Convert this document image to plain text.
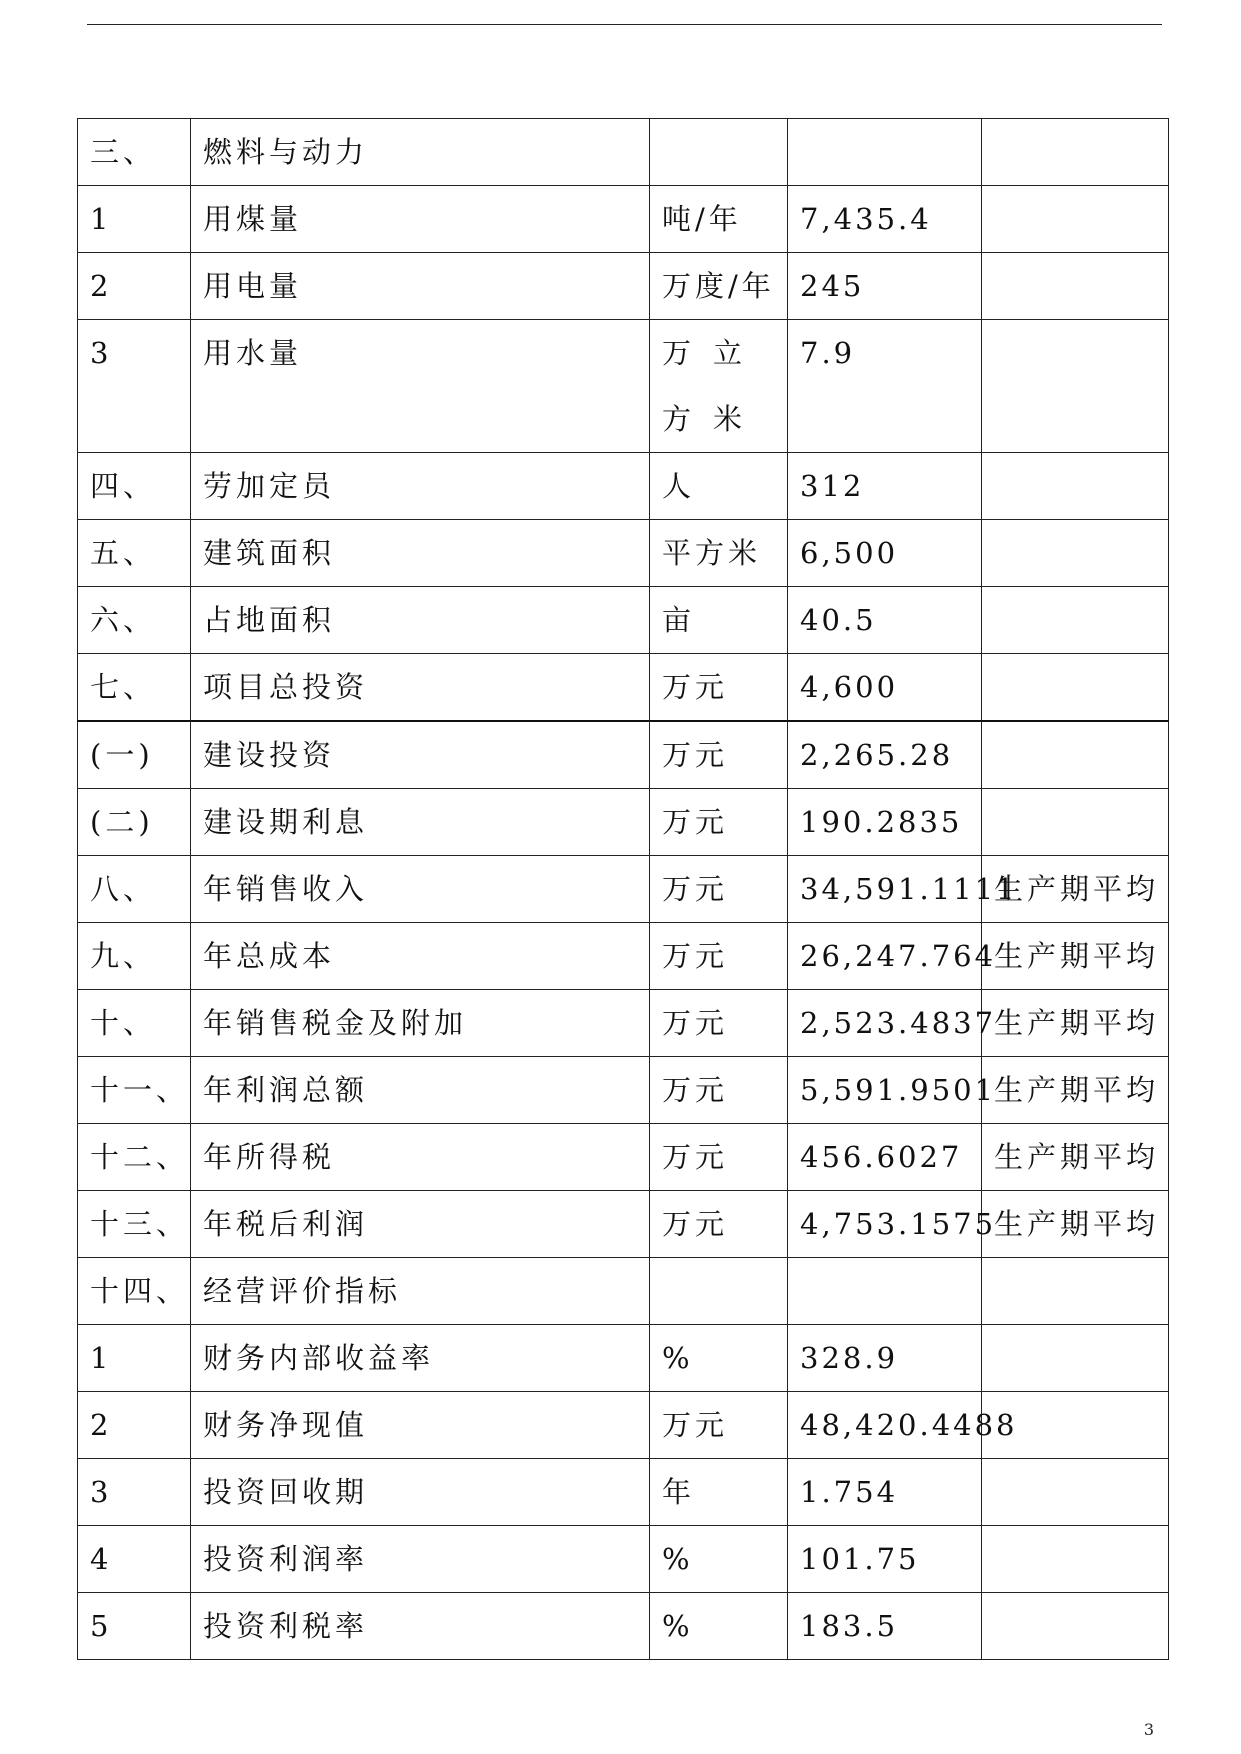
三、	燃料与动力			
1	用煤量	吨/年	7,435.4	
2	用电量	万度/年	245	
3	用水量	万立方米	7.9	
四、	劳加定员	人	312	
五、	建筑面积	平方米	6,500	
六、	占地面积	亩	40.5	
七、	项目总投资	万元	4,600	
(一)	建设投资	万元	2,265.28	
(二)	建设期利息	万元	190.2835	
八、	年销售收入	万元	34,591.1111	生产期平均
九、	年总成本	万元	26,247.764	生产期平均
十、	年销售税金及附加	万元	2,523.4837	生产期平均
十一、	年利润总额	万元	5,591.9501	生产期平均
十二、	年所得税	万元	456.6027	生产期平均
十三、	年税后利润	万元	4,753.1575	生产期平均
十四、	经营评价指标			
1	财务内部收益率	%	328.9	
2	财务净现值	万元	48,420.4488	
3	投资回收期	年	1.754	
4	投资利润率	%	101.75	
5	投资利税率	%	183.5	
3
